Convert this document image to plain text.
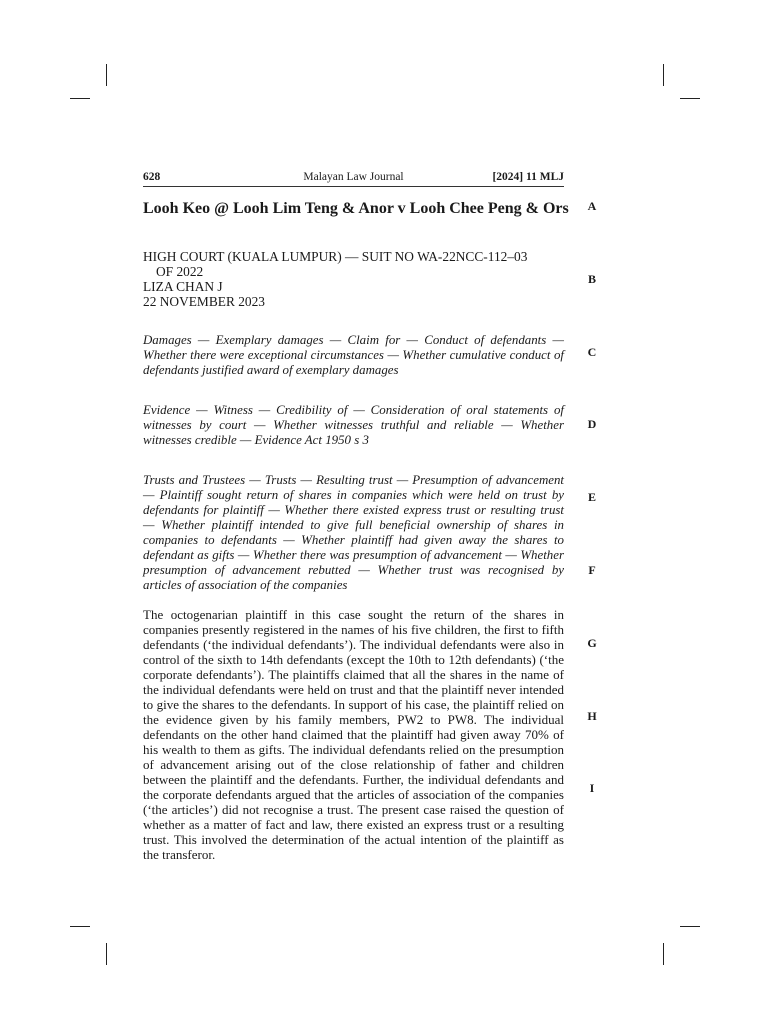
628	Malayan Law Journal	[2024] 11 MLJ
Looh Keo @ Looh Lim Teng & Anor v Looh Chee Peng & Ors
HIGH COURT (KUALA LUMPUR) — SUIT NO WA-22NCC-112–03
OF 2022
LIZA CHAN J
22 NOVEMBER 2023
Damages — Exemplary damages — Claim for — Conduct of defendants — Whether there were exceptional circumstances — Whether cumulative conduct of defendants justified award of exemplary damages
Evidence — Witness — Credibility of — Consideration of oral statements of witnesses by court — Whether witnesses truthful and reliable — Whether witnesses credible — Evidence Act 1950 s 3
Trusts and Trustees — Trusts — Resulting trust — Presumption of advancement — Plaintiff sought return of shares in companies which were held on trust by defendants for plaintiff — Whether there existed express trust or resulting trust — Whether plaintiff intended to give full beneficial ownership of shares in companies to defendants — Whether plaintiff had given away the shares to defendant as gifts — Whether there was presumption of advancement — Whether presumption of advancement rebutted — Whether trust was recognised by articles of association of the companies
The octogenarian plaintiff in this case sought the return of the shares in companies presently registered in the names of his five children, the first to fifth defendants (‘the individual defendants’). The individual defendants were also in control of the sixth to 14th defendants (except the 10th to 12th defendants) (‘the corporate defendants’). The plaintiffs claimed that all the shares in the name of the individual defendants were held on trust and that the plaintiff never intended to give the shares to the defendants. In support of his case, the plaintiff relied on the evidence given by his family members, PW2 to PW8. The individual defendants on the other hand claimed that the plaintiff had given away 70% of his wealth to them as gifts. The individual defendants relied on the presumption of advancement arising out of the close relationship of father and children between the plaintiff and the defendants. Further, the individual defendants and the corporate defendants argued that the articles of association of the companies (‘the articles’) did not recognise a trust. The present case raised the question of whether as a matter of fact and law, there existed an express trust or a resulting trust. This involved the determination of the actual intention of the plaintiff as the transferor.
A
B
C
D
E
F
G
H
I
